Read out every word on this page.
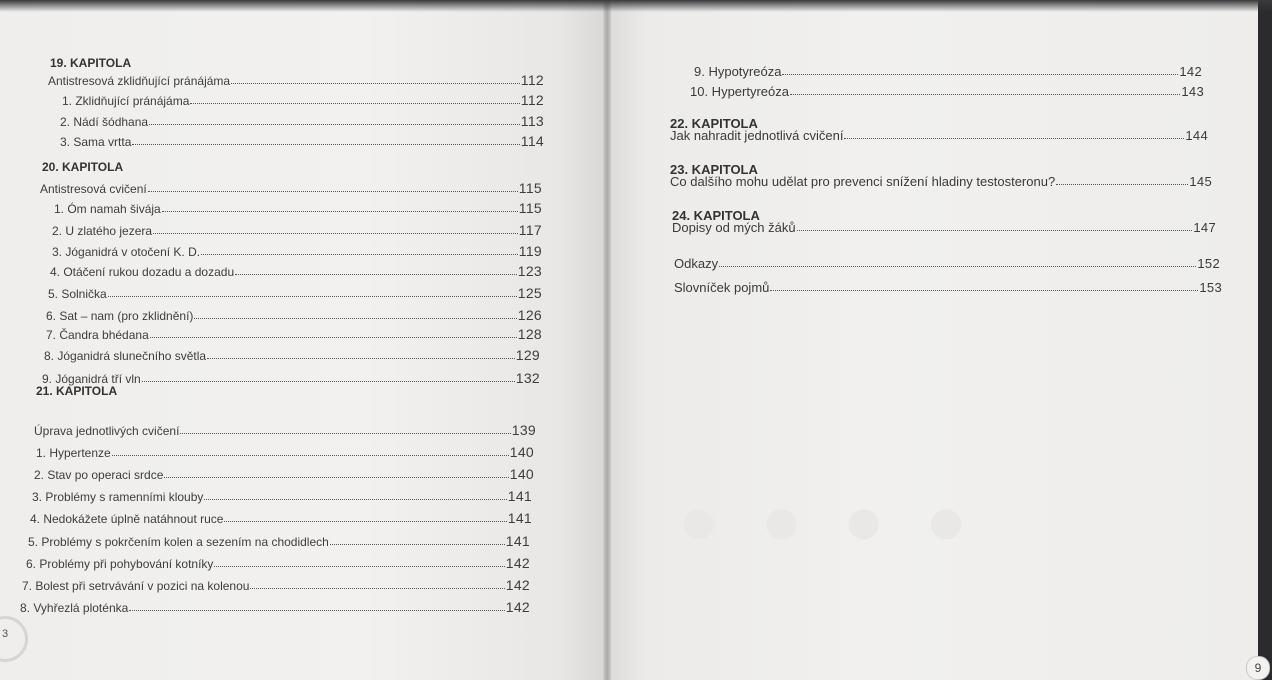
●●●●
19. KAPITOLA
Antistresová zklidňující pránájáma	112
1. Zklidňující pránájáma	112
2. Nádí šódhana	113
3. Sama vrtta	114
20. KAPITOLA
Antistresová cvičení	115
1. Óm namah šivája	115
2. U zlatého jezera	117
3. Jóganidrá v otočení K. D.	119
4. Otáčení rukou dozadu a dozadu	123
5. Solnička	125
6. Sat – nam (pro zklidnění)	126
7. Čandra bhédana	128
8. Jóganidrá slunečního světla	129
9. Jóganidrá tří vln	132
21. KAPITOLA
Úprava jednotlivých cvičení	139
1. Hypertenze	140
2. Stav po operaci srdce	140
3. Problémy s ramenními klouby	141
4. Nedokážete úplně natáhnout ruce	141
5. Problémy s pokrčením kolen a sezením na chodidlech	141
6. Problémy při pohybování kotníky	142
7. Bolest při setrvávání v pozici na kolenou	142
8. Vyhřezlá ploténka	142
9. Hypotyreóza	142
10. Hypertyreóza	143
22. KAPITOLA
Jak nahradit jednotlivá cvičení	144
23. KAPITOLA
Co dalšího mohu udělat pro prevenci snížení hladiny testosteronu?	145
24. KAPITOLA
Dopisy od mých žáků	147
Odkazy	152
Slovníček pojmů	153
3
9
